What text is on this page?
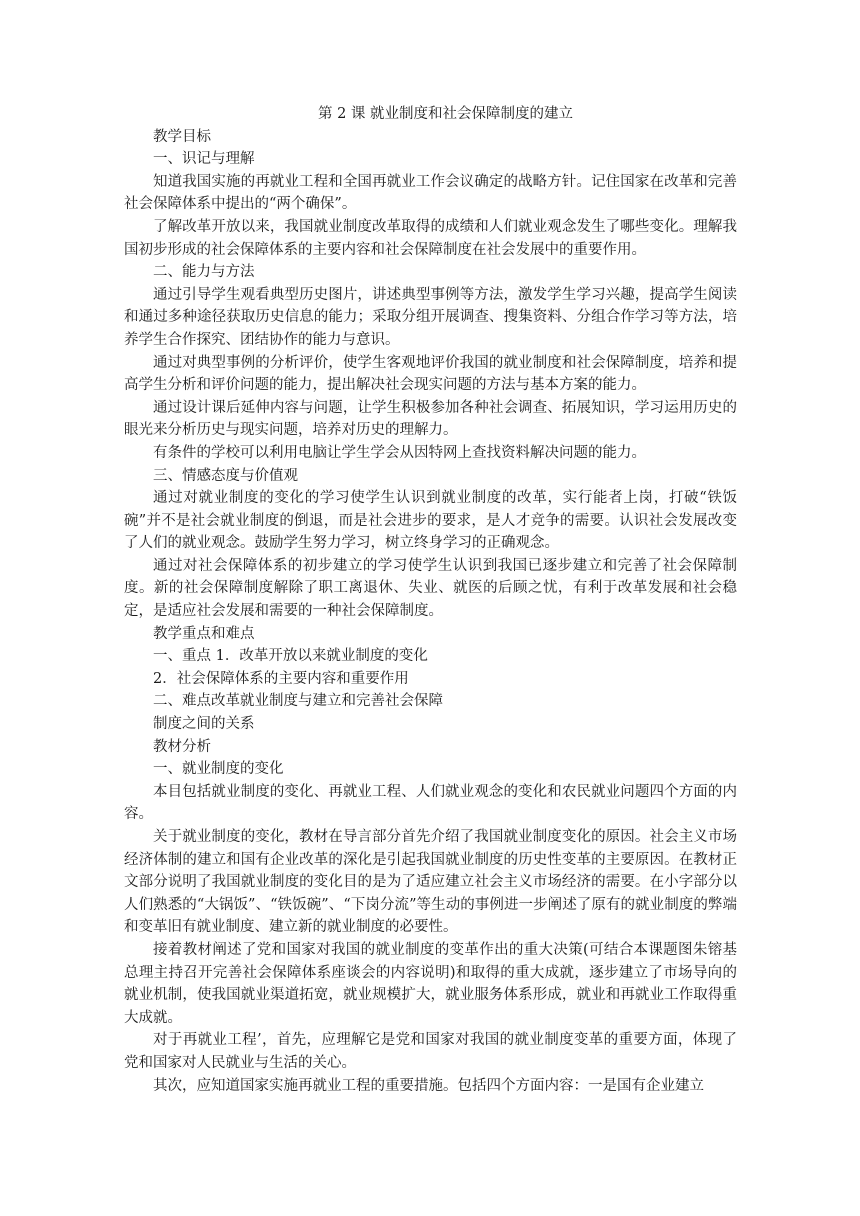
第 2 课 就业制度和社会保障制度的建立

教学目标

一、识记与理解

知道我国实施的再就业工程和全国再就业工作会议确定的战略方针。记住国家在改革和完善社会保障体系中提出的“两个确保”。

了解改革开放以来，我国就业制度改革取得的成绩和人们就业观念发生了哪些变化。理解我国初步形成的社会保障体系的主要内容和社会保障制度在社会发展中的重要作用。

二、能力与方法

通过引导学生观看典型历史图片，讲述典型事例等方法，激发学生学习兴趣，提高学生阅读和通过多种途径获取历史信息的能力；采取分组开展调查、搜集资料、分组合作学习等方法，培养学生合作探究、团结协作的能力与意识。

通过对典型事例的分析评价，使学生客观地评价我国的就业制度和社会保障制度，培养和提高学生分析和评价问题的能力，提出解决社会现实问题的方法与基本方案的能力。

通过设计课后延伸内容与问题，让学生积极参加各种社会调查、拓展知识，学习运用历史的眼光来分析历史与现实问题，培养对历史的理解力。

有条件的学校可以利用电脑让学生学会从因特网上查找资料解决问题的能力。

三、情感态度与价值观

通过对就业制度的变化的学习使学生认识到就业制度的改革，实行能者上岗，打破“铁饭碗”并不是社会就业制度的倒退，而是社会进步的要求，是人才竞争的需要。认识社会发展改变了人们的就业观念。鼓励学生努力学习，树立终身学习的正确观念。

通过对社会保障体系的初步建立的学习使学生认识到我国已逐步建立和完善了社会保障制度。新的社会保障制度解除了职工离退休、失业、就医的后顾之忧，有利于改革发展和社会稳定，是适应社会发展和需要的一种社会保障制度。

教学重点和难点

一、重点 1．改革开放以来就业制度的变化

2．社会保障体系的主要内容和重要作用

二、难点改革就业制度与建立和完善社会保障

制度之间的关系

教材分析

一、就业制度的变化

本目包括就业制度的变化、再就业工程、人们就业观念的变化和农民就业问题四个方面的内容。

关于就业制度的变化，教材在导言部分首先介绍了我国就业制度变化的原因。社会主义市场经济体制的建立和国有企业改革的深化是引起我国就业制度的历史性变革的主要原因。在教材正文部分说明了我国就业制度的变化目的是为了适应建立社会主义市场经济的需要。在小字部分以人们熟悉的“大锅饭”、“铁饭碗”、“下岗分流”等生动的事例进一步阐述了原有的就业制度的弊端和变革旧有就业制度、建立新的就业制度的必要性。

接着教材阐述了党和国家对我国的就业制度的变革作出的重大决策(可结合本课题图朱镕基总理主持召开完善社会保障体系座谈会的内容说明)和取得的重大成就，逐步建立了市场导向的就业机制，使我国就业渠道拓宽，就业规模扩大，就业服务体系形成，就业和再就业工作取得重大成就。

对于再就业工程’，首先，应理解它是党和国家对我国的就业制度变革的重要方面，体现了党和国家对人民就业与生活的关心。

其次，应知道国家实施再就业工程的重要措施。包括四个方面内容：一是国有企业建立
